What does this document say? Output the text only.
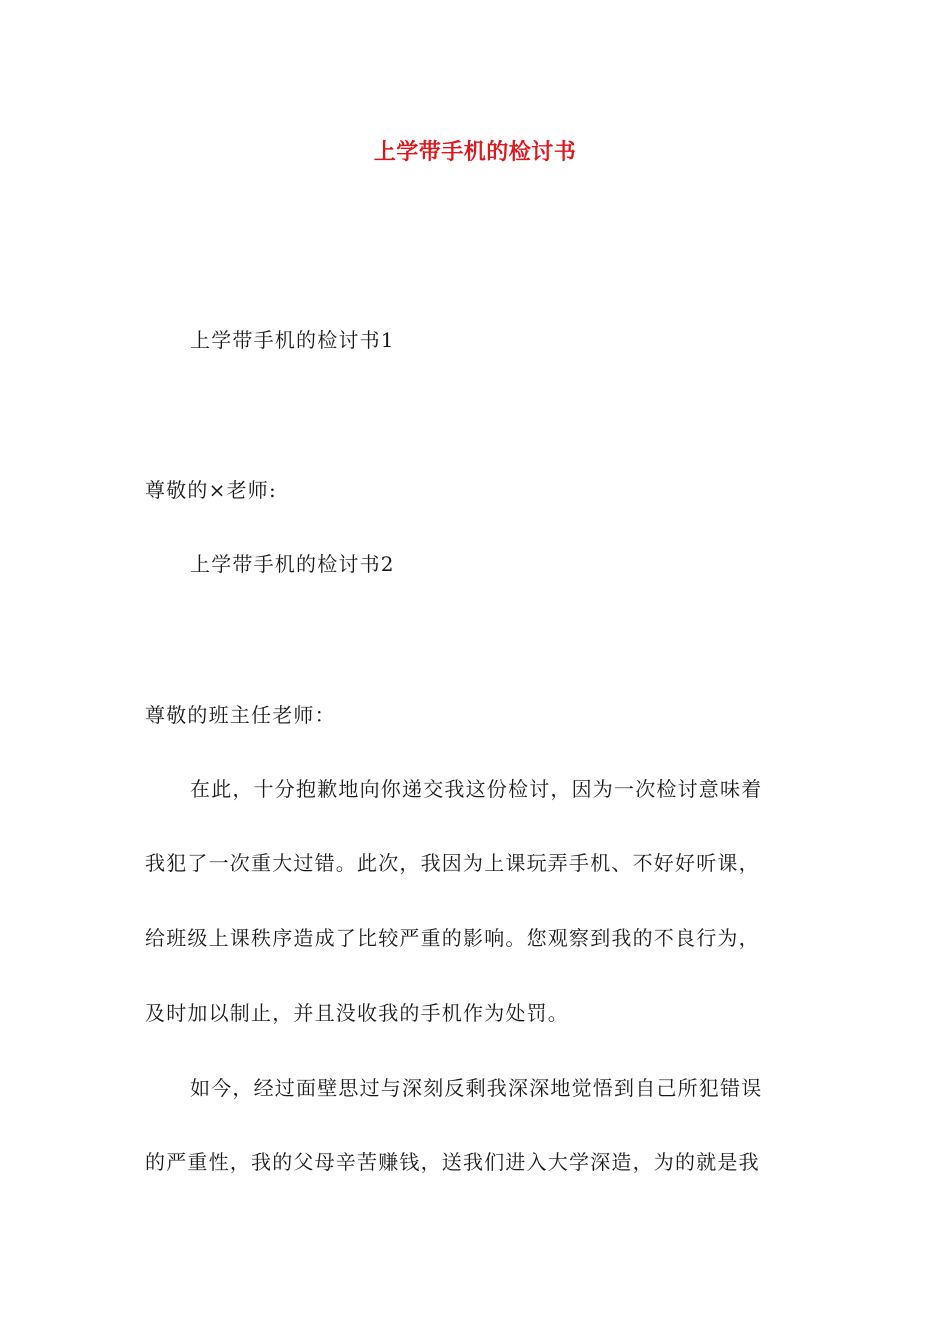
上学带手机的检讨书
上学带手机的检讨书1
尊敬的×老师:
上学带手机的检讨书2
尊敬的班主任老师：
在此，十分抱歉地向你递交我这份检讨，因为一次检讨意味着
我犯了一次重大过错。此次，我因为上课玩弄手机、不好好听课，
给班级上课秩序造成了比较严重的影响。您观察到我的不良行为，
及时加以制止，并且没收我的手机作为处罚。
如今，经过面壁思过与深刻反剩我深深地觉悟到自己所犯错误
的严重性，我的父母辛苦赚钱，送我们进入大学深造，为的就是我
